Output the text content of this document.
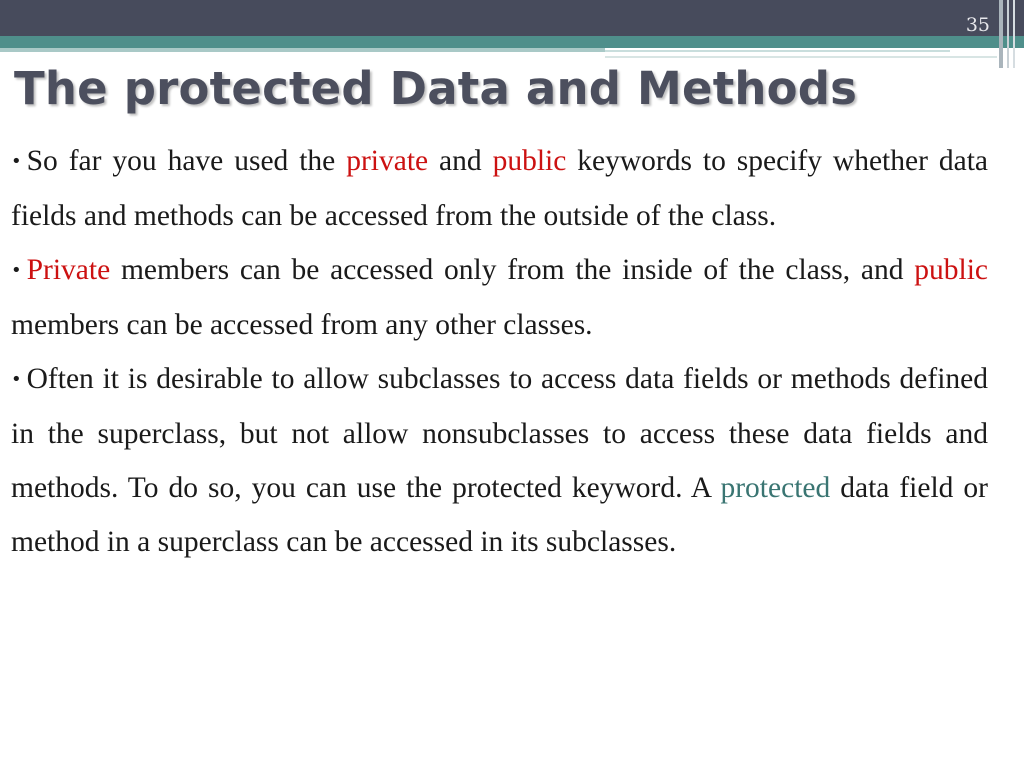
35
The protected Data and Methods

• So far you have used the private and public keywords to specify whether data fields and methods can be accessed from the outside of the class.

• Private members can be accessed only from the inside of the class, and public members can be accessed from any other classes.

• Often it is desirable to allow subclasses to access data fields or methods defined in the superclass, but not allow nonsubclasses to access these data fields and methods. To do so, you can use the protected keyword. A protected data field or method in a superclass can be accessed in its subclasses.
